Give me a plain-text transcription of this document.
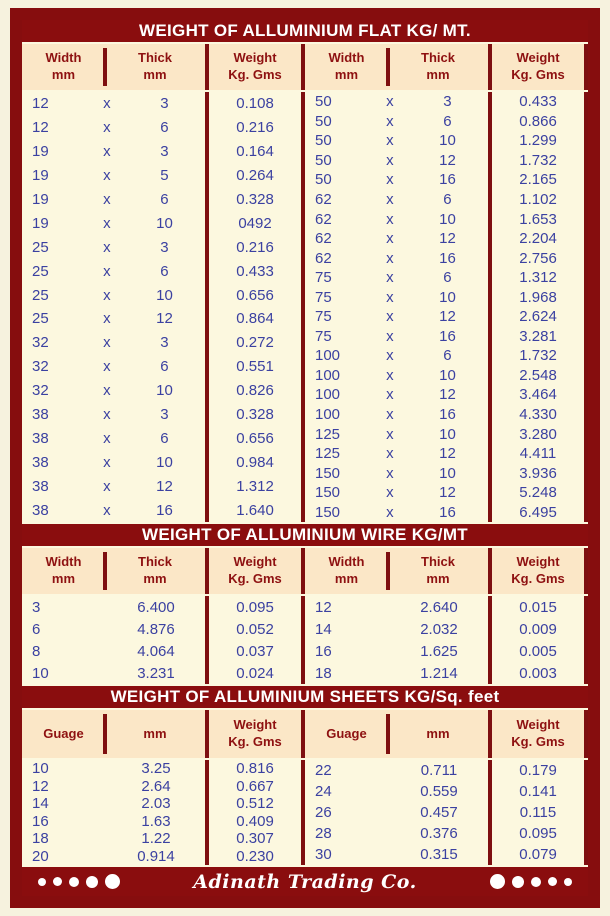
WEIGHT OF ALLUMINIUM FLAT KG/ MT.
Width
mm
Thick
mm
Weight
Kg. Gms
Width
mm
Thick
mm
Weight
Kg. Gms
12	x	3	0.108
12	x	6	0.216
19	x	3	0.164
19	x	5	0.264
19	x	6	0.328
19	x	10	0492
25	x	3	0.216
25	x	6	0.433
25	x	10	0.656
25	x	12	0.864
32	x	3	0.272
32	x	6	0.551
32	x	10	0.826
38	x	3	0.328
38	x	6	0.656
38	x	10	0.984
38	x	12	1.312
38	x	16	1.640
50	x	3	0.433
50	x	6	0.866
50	x	10	1.299
50	x	12	1.732
50	x	16	2.165
62	x	6	1.102
62	x	10	1.653
62	x	12	2.204
62	x	16	2.756
75	x	6	1.312
75	x	10	1.968
75	x	12	2.624
75	x	16	3.281
100	x	6	1.732
100	x	10	2.548
100	x	12	3.464
100	x	16	4.330
125	x	10	3.280
125	x	12	4.411
150	x	10	3.936
150	x	12	5.248
150	x	16	6.495
WEIGHT OF ALLUMINIUM WIRE KG/MT
Width
mm
Thick
mm
Weight
Kg. Gms
Width
mm
Thick
mm
Weight
Kg. Gms
3	6.400	0.095
6	4.876	0.052
8	4.064	0.037
10	3.231	0.024
12	2.640	0.015
14	2.032	0.009
16	1.625	0.005
18	1.214	0.003
WEIGHT OF ALLUMINIUM SHEETS KG/Sq. feet
Guage	mm
Weight
Kg. Gms
Guage	mm
Weight
Kg. Gms
10	3.25	0.816
12	2.64	0.667
14	2.03	0.512
16	1.63	0.409
18	1.22	0.307
20	0.914	0.230
22	0.711	0.179
24	0.559	0.141
26	0.457	0.115
28	0.376	0.095
30	0.315	0.079
Adinath Trading Co.
